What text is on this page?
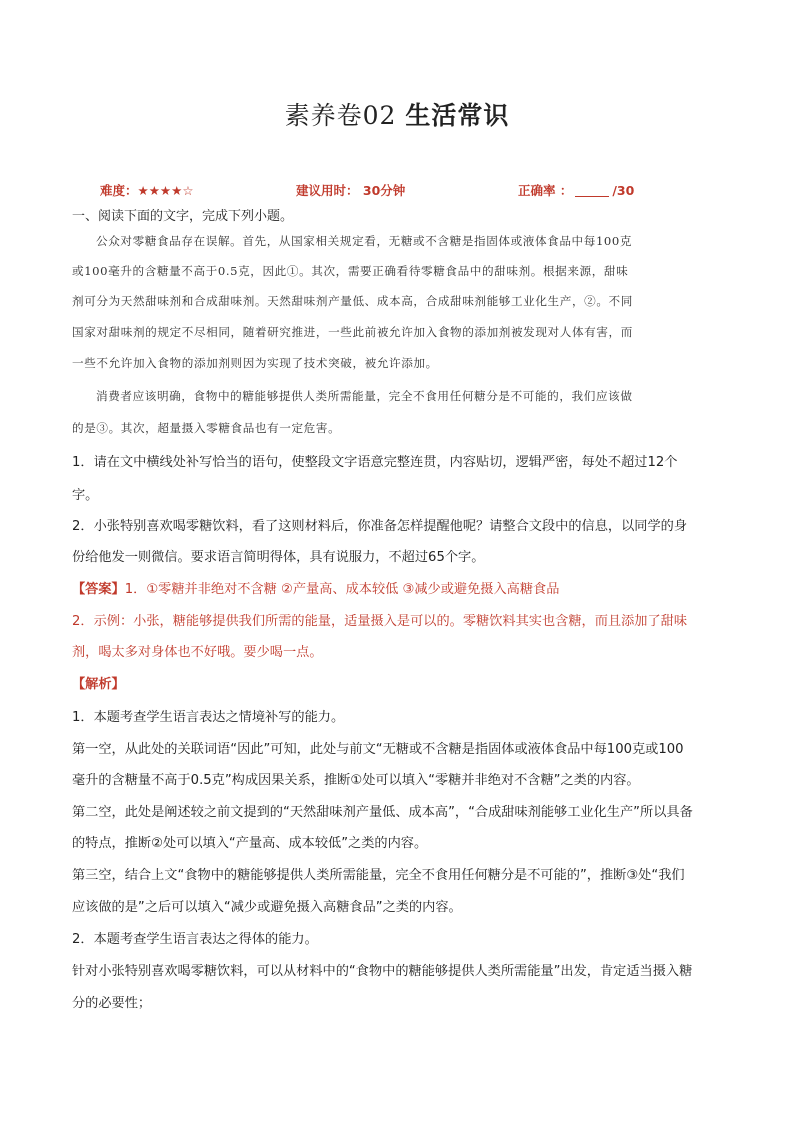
素养卷02 生活常识
难度：★★★★☆	建议用时： 30分钟	正确率 ：	/30
一、阅读下面的文字，完成下列小题。
公众对零糖食品存在误解。首先，从国家相关规定看，无糖或不含糖是指固体或液体食品中每100克
或100毫升的含糖量不高于0.5克，因此①。其次，需要正确看待零糖食品中的甜味剂。根据来源，甜味
剂可分为天然甜味剂和合成甜味剂。天然甜味剂产量低、成本高，合成甜味剂能够工业化生产，②。不同
国家对甜味剂的规定不尽相同，随着研究推进，一些此前被允许加入食物的添加剂被发现对人体有害，而
一些不允许加入食物的添加剂则因为实现了技术突破，被允许添加。
消费者应该明确，食物中的糖能够提供人类所需能量，完全不食用任何糖分是不可能的，我们应该做
的是③。其次，超量摄入零糖食品也有一定危害。
1．请在文中横线处补写恰当的语句，使整段文字语意完整连贯，内容贴切，逻辑严密，每处不超过12个
字。
2．小张特别喜欢喝零糖饮料，看了这则材料后，你准备怎样提醒他呢？请整合文段中的信息，以同学的身
份给他发一则微信。要求语言简明得体，具有说服力，不超过65个字。
【答案】1．①零糖并非绝对不含糖 ②产量高、成本较低 ③减少或避免摄入高糖食品
2．示例：小张，糖能够提供我们所需的能量，适量摄入是可以的。零糖饮料其实也含糖，而且添加了甜味
剂，喝太多对身体也不好哦。要少喝一点。
【解析】
1．本题考查学生语言表达之情境补写的能力。
第一空，从此处的关联词语“因此”可知，此处与前文“无糖或不含糖是指固体或液体食品中每100克或100
毫升的含糖量不高于0.5克”构成因果关系，推断①处可以填入“零糖并非绝对不含糖”之类的内容。
第二空，此处是阐述较之前文提到的“天然甜味剂产量低、成本高”，“合成甜味剂能够工业化生产”所以具备
的特点，推断②处可以填入“产量高、成本较低”之类的内容。
第三空，结合上文“食物中的糖能够提供人类所需能量，完全不食用任何糖分是不可能的”，推断③处“我们
应该做的是”之后可以填入“减少或避免摄入高糖食品”之类的内容。
2．本题考查学生语言表达之得体的能力。
针对小张特别喜欢喝零糖饮料，可以从材料中的“食物中的糖能够提供人类所需能量”出发，肯定适当摄入糖
分的必要性；
